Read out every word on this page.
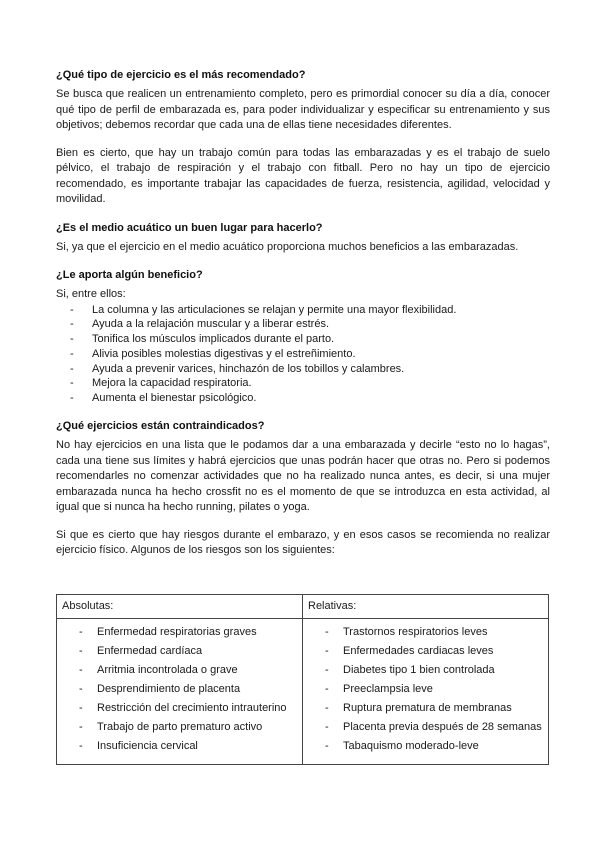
¿Qué tipo de ejercicio es el más recomendado?

Se busca que realicen un entrenamiento completo, pero es primordial conocer su día a día, conocer qué tipo de perfil de embarazada es, para poder individualizar y especificar su entrenamiento y sus objetivos; debemos recordar que cada una de ellas tiene necesidades diferentes.

Bien es cierto, que hay un trabajo común para todas las embarazadas y es el trabajo de suelo pélvico, el trabajo de respiración y el trabajo con fitball. Pero no hay un tipo de ejercicio recomendado, es importante trabajar las capacidades de fuerza, resistencia, agilidad, velocidad y movilidad.

¿Es el medio acuático un buen lugar para hacerlo?

Si, ya que el ejercicio en el medio acuático proporciona muchos beneficios a las embarazadas.

¿Le aporta algún beneficio?

Si, entre ellos:

- La columna y las articulaciones se relajan y permite una mayor flexibilidad.
- Ayuda a la relajación muscular y a liberar estrés.
- Tonifica los músculos implicados durante el parto.
- Alivia posibles molestias digestivas y el estreñimiento.
- Ayuda a prevenir varices, hinchazón de los tobillos y calambres.
- Mejora la capacidad respiratoria.
- Aumenta el bienestar psicológico.
¿Qué ejercicios están contraindicados?

No hay ejercicios en una lista que le podamos dar a una embarazada y decirle “esto no lo hagas”, cada una tiene sus límites y habrá ejercicios que unas podrán hacer que otras no. Pero si podemos recomendarles no comenzar actividades que no ha realizado nunca antes, es decir, si una mujer embarazada nunca ha hecho crossfit no es el momento de que se introduzca en esta actividad, al igual que si nunca ha hecho running, pilates o yoga.

Si que es cierto que hay riesgos durante el embarazo, y en esos casos se recomienda no realizar ejercicio físico. Algunos de los riesgos son los siguientes:

Absolutas:
- Enfermedad respiratorias graves
- Enfermedad cardíaca
- Arritmia incontrolada o grave
- Desprendimiento de placenta
- Restricción del crecimiento intrauterino
- Trabajo de parto prematuro activo
- Insuficiencia cervical
Relativas:
- Trastornos respiratorios leves
- Enfermedades cardiacas leves
- Diabetes tipo 1 bien controlada
- Preeclampsia leve
- Ruptura prematura de membranas
- Placenta previa después de 28 semanas
- Tabaquismo moderado-leve
